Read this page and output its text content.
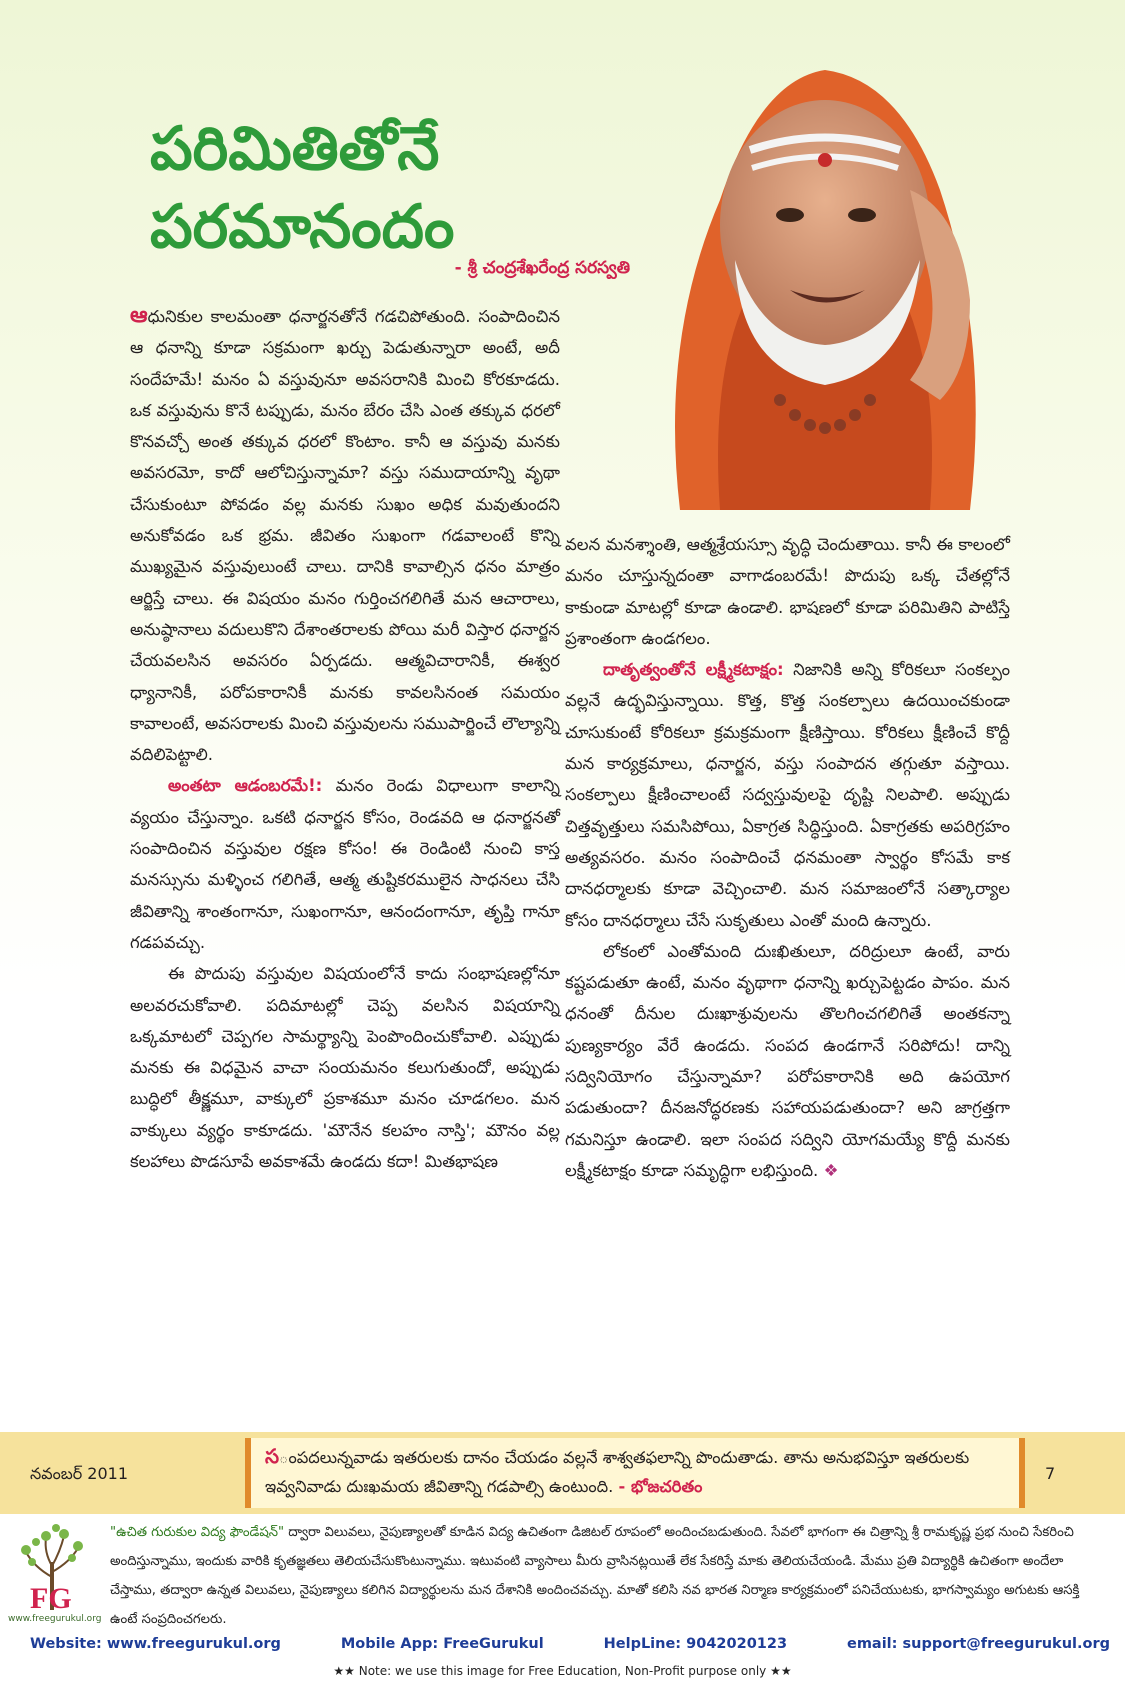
పరిమితితోనే
పరమానందం
- శ్రీ చంద్రశేఖరేంద్ర సరస్వతి

ఆధునికుల కాలమంతా ధనార్జనతోనే గడచిపోతుంది. సంపాదించిన ఆ ధనాన్ని కూడా సక్రమంగా ఖర్చు పెడుతున్నారా అంటే, అదీ సందేహమే! మనం ఏ వస్తువునూ అవసరానికి మించి కోరకూడదు. ఒక వస్తువును కొనే టప్పుడు, మనం బేరం చేసి ఎంత తక్కువ ధరలో కొనవచ్చో అంత తక్కువ ధరలో కొంటాం. కానీ ఆ వస్తువు మనకు అవసరమో, కాదో ఆలోచిస్తున్నామా? వస్తు సముదాయాన్ని వృథా చేసుకుంటూ పోవడం వల్ల మనకు సుఖం అధిక మవుతుందని అనుకోవడం ఒక భ్రమ. జీవితం సుఖంగా గడవాలంటే కొన్ని ముఖ్యమైన వస్తువులుంటే చాలు. దానికి కావాల్సిన ధనం మాత్రం ఆర్జిస్తే చాలు. ఈ విషయం మనం గుర్తించగలిగితే మన ఆచారాలు, అనుష్ఠానాలు వదులుకొని దేశాంతరాలకు పోయి మరీ విస్తార ధనార్జన చేయవలసిన అవసరం ఏర్పడదు. ఆత్మవిచారానికీ, ఈశ్వర ధ్యానానికీ, పరోపకారానికీ మనకు కావలసినంత సమయం కావాలంటే, అవసరాలకు మించి వస్తువులను సముపార్జించే లౌల్యాన్ని వదిలిపెట్టాలి.

అంతటా ఆడంబరమే!: మనం రెండు విధాలుగా కాలాన్ని వ్యయం చేస్తున్నాం. ఒకటి ధనార్జన కోసం, రెండవది ఆ ధనార్జనతో సంపాదించిన వస్తువుల రక్షణ కోసం! ఈ రెండింటి నుంచి కాస్త మనస్సును మళ్ళించ గలిగితే, ఆత్మ తుష్టికరములైన సాధనలు చేసి జీవితాన్ని శాంతంగానూ, సుఖంగానూ, ఆనందంగానూ, తృప్తి గానూ గడపవచ్చు.

ఈ పొదుపు వస్తువుల విషయంలోనే కాదు సంభాషణల్లోనూ అలవరచుకోవాలి. పదిమాటల్లో చెప్ప వలసిన విషయాన్ని ఒక్కమాటలో చెప్పగల సామర్థ్యాన్ని పెంపొందించుకోవాలి. ఎప్పుడు మనకు ఈ విధమైన వాచా సంయమనం కలుగుతుందో, అప్పుడు బుద్ధిలో తీక్ష్ణమూ, వాక్కులో ప్రకాశమూ మనం చూడగలం. మన వాక్కులు వ్యర్థం కాకూడదు. 'మౌనేన కలహం నాస్తి'; మౌనం వల్ల కలహాలు పొడసూపే అవకాశమే ఉండదు కదా! మితభాషణ

వలన మనశ్శాంతి, ఆత్మశ్రేయస్సూ వృద్ధి చెందుతాయి. కానీ ఈ కాలంలో మనం చూస్తున్నదంతా వాగాడంబరమే! పొదుపు ఒక్క చేతల్లోనే కాకుండా మాటల్లో కూడా ఉండాలి. భాషణలో కూడా పరిమితిని పాటిస్తే ప్రశాంతంగా ఉండగలం.

దాతృత్వంతోనే లక్ష్మీకటాక్షం: నిజానికి అన్ని కోరికలూ సంకల్పం వల్లనే ఉద్భవిస్తున్నాయి. కొత్త, కొత్త సంకల్పాలు ఉదయించకుండా చూసుకుంటే కోరికలూ క్రమక్రమంగా క్షీణిస్తాయి. కోరికలు క్షీణించే కొద్దీ మన కార్యక్రమాలు, ధనార్జన, వస్తు సంపాదన తగ్గుతూ వస్తాయి. సంకల్పాలు క్షీణించాలంటే సద్వస్తువులపై దృష్టి నిలపాలి. అప్పుడు చిత్తవృత్తులు సమసిపోయి, ఏకాగ్రత సిద్ధిస్తుంది. ఏకాగ్రతకు అపరిగ్రహం అత్యవసరం. మనం సంపాదించే ధనమంతా స్వార్థం కోసమే కాక దానధర్మాలకు కూడా వెచ్చించాలి. మన సమాజంలోనే సత్కార్యాల కోసం దానధర్మాలు చేసే సుకృతులు ఎంతో మంది ఉన్నారు.

లోకంలో ఎంతోమంది దుఃఖితులూ, దరిద్రులూ ఉంటే, వారు కష్టపడుతూ ఉంటే, మనం వృథాగా ధనాన్ని ఖర్చుపెట్టడం పాపం. మన ధనంతో దీనుల దుఃఖాశ్రువులను తొలగించగలిగితే అంతకన్నా పుణ్యకార్యం వేరే ఉండదు. సంపద ఉండగానే సరిపోదు! దాన్ని సద్వినియోగం చేస్తున్నామా? పరోపకారానికి అది ఉపయోగ పడుతుందా? దీనజనోద్ధరణకు సహాయపడుతుందా? అని జాగ్రత్తగా గమనిస్తూ ఉండాలి. ఇలా సంపద సద్విని యోగమయ్యే కొద్దీ మనకు లక్ష్మీకటాక్షం కూడా సమృద్ధిగా లభిస్తుంది. ❖

నవంబర్ 2011	7
సంపదలున్నవాడు ఇతరులకు దానం చేయడం వల్లనే శాశ్వతఫలాన్ని పొందుతాడు. తాను అనుభవిస్తూ ఇతరులకు ఇవ్వనివాడు దుఃఖమయ జీవితాన్ని గడపాల్సి ఉంటుంది. - భోజచరితం
FG
www.freegurukul.org
"ఉచిత గురుకుల విద్య ఫౌండేషన్" ద్వారా విలువలు, నైపుణ్యాలతో కూడిన విద్య ఉచితంగా డిజిటల్ రూపంలో అందించబడుతుంది. సేవలో భాగంగా ఈ చిత్రాన్ని శ్రీ రామకృష్ణ ప్రభ నుంచి సేకరించి అందిస్తున్నాము, ఇందుకు వారికి కృతజ్ఞతలు తెలియచేసుకొంటున్నాము. ఇటువంటి వ్యాసాలు మీరు వ్రాసినట్లయితే లేక సేకరిస్తే మాకు తెలియచేయండి. మేము ప్రతి విద్యార్థికి ఉచితంగా అందేలా చేస్తాము, తద్వారా ఉన్నత విలువలు, నైపుణ్యాలు కలిగిన విద్యార్థులను మన దేశానికి అందించవచ్చు. మాతో కలిసి నవ భారత నిర్మాణ కార్యక్రమంలో పనిచేయుటకు, భాగస్వామ్యం అగుటకు ఆసక్తి ఉంటే సంప్రదించగలరు.
Website: www.freegurukul.org	Mobile App: FreeGurukul	HelpLine: 9042020123	email: support@freegurukul.org
★★ Note: we use this image for Free Education, Non-Profit purpose only ★★
